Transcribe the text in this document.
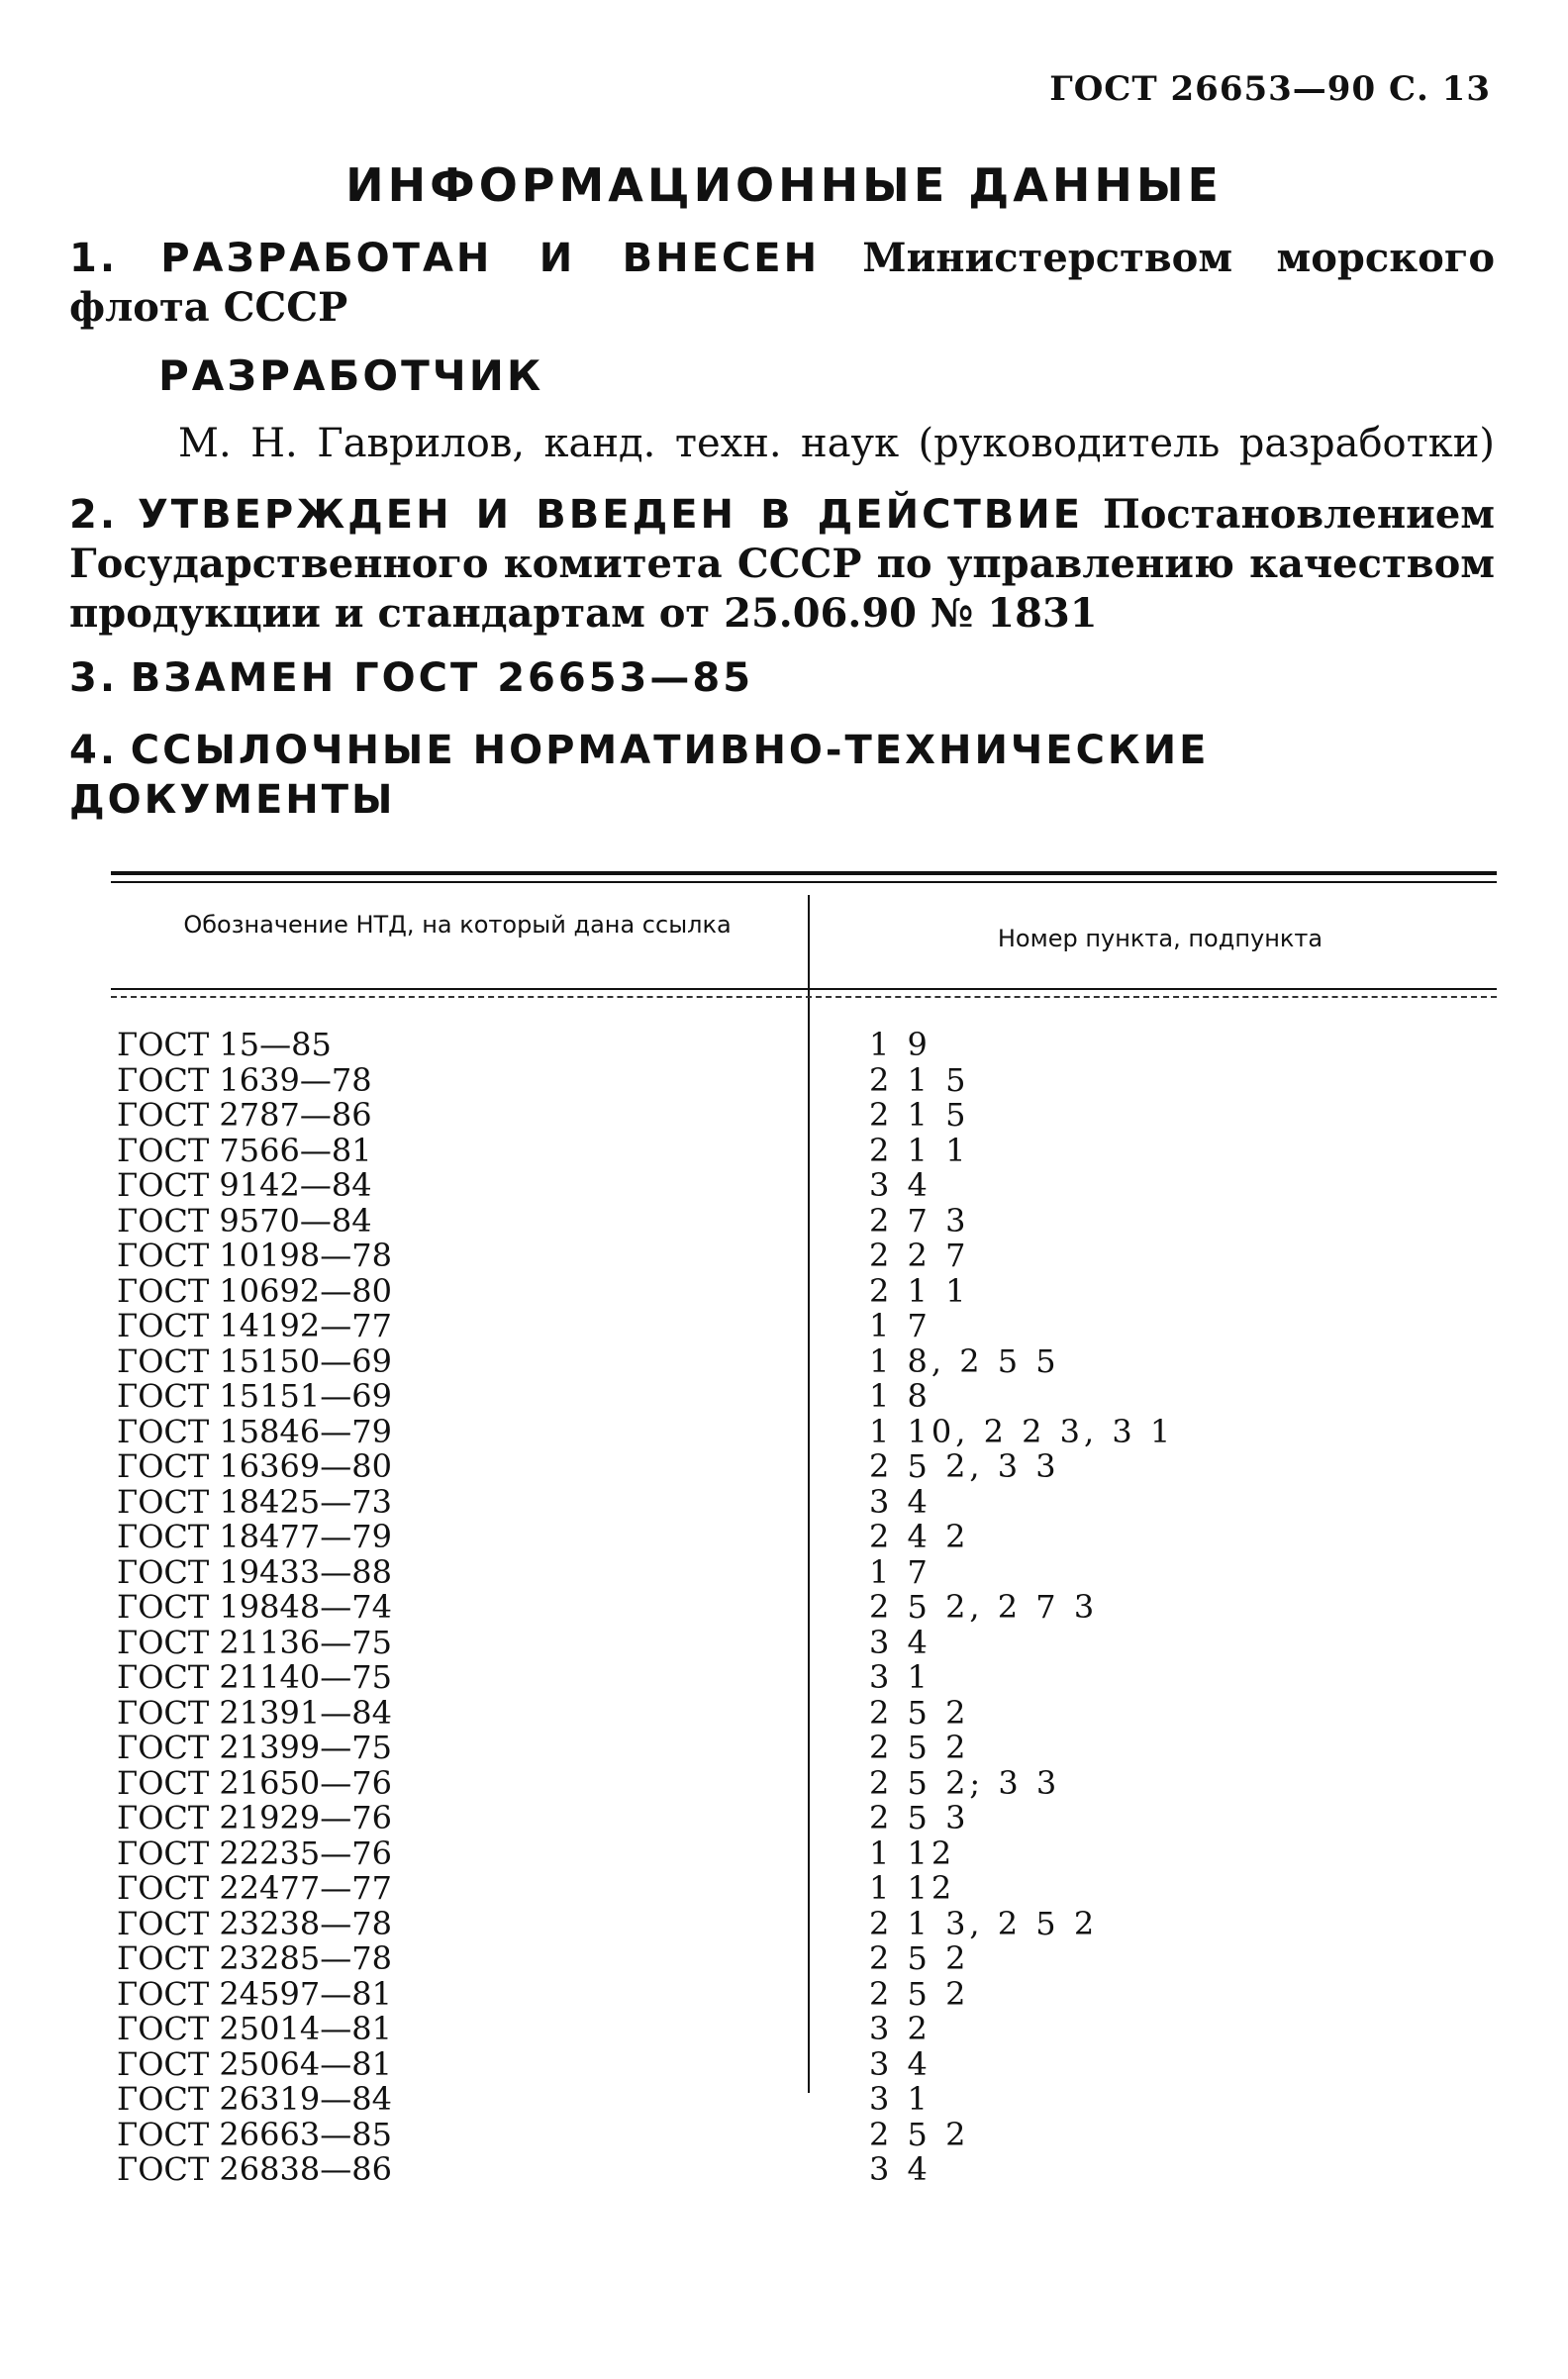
ГОСТ 26653—90 С. 13
ИНФОРМАЦИОННЫЕ ДАННЫЕ
1. РАЗРАБОТАН И ВНЕСЕН Министерством морского флота СССР
РАЗРАБОТЧИК
М. Н. Гаврилов, канд. техн. наук (руководитель разработки)
2. УТВЕРЖДЕН И ВВЕДЕН В ДЕЙСТВИЕ Постановлением Государственного комитета СССР по управлению качеством продукции и стандартам от 25.06.90 № 1831
3. ВЗАМЕН ГОСТ 26653—85
4. ССЫЛОЧНЫЕ НОРМАТИВНО-ТЕХНИЧЕСКИЕ ДОКУМЕНТЫ
Обозначение НТД, на который дана ссылка	Номер пункта, подпункта
ГОСТ 15—85	1 9
ГОСТ 1639—78	2 1 5
ГОСТ 2787—86	2 1 5
ГОСТ 7566—81	2 1 1
ГОСТ 9142—84	3 4
ГОСТ 9570—84	2 7 3
ГОСТ 10198—78	2 2 7
ГОСТ 10692—80	2 1 1
ГОСТ 14192—77	1 7
ГОСТ 15150—69	1 8, 2 5 5
ГОСТ 15151—69	1 8
ГОСТ 15846—79	1 10, 2 2 3, 3 1
ГОСТ 16369—80	2 5 2, 3 3
ГОСТ 18425—73	3 4
ГОСТ 18477—79	2 4 2
ГОСТ 19433—88	1 7
ГОСТ 19848—74	2 5 2, 2 7 3
ГОСТ 21136—75	3 4
ГОСТ 21140—75	3 1
ГОСТ 21391—84	2 5 2
ГОСТ 21399—75	2 5 2
ГОСТ 21650—76	2 5 2; 3 3
ГОСТ 21929—76	2 5 3
ГОСТ 22235—76	1 12
ГОСТ 22477—77	1 12
ГОСТ 23238—78	2 1 3, 2 5 2
ГОСТ 23285—78	2 5 2
ГОСТ 24597—81	2 5 2
ГОСТ 25014—81	3 2
ГОСТ 25064—81	3 4
ГОСТ 26319—84	3 1
ГОСТ 26663—85	2 5 2
ГОСТ 26838—86	3 4
